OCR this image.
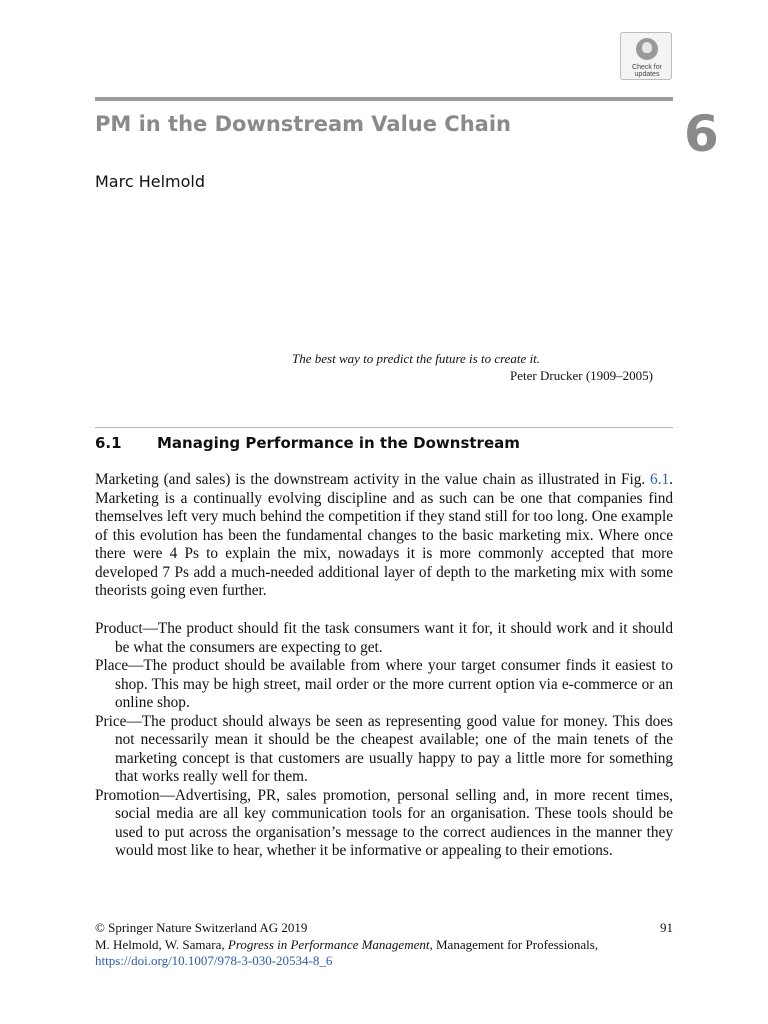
Check for
updates
PM in the Downstream Value Chain	6
Marc Helmold
The best way to predict the future is to create it.
Peter Drucker (1909–2005)
6.1 Managing Performance in the Downstream
Marketing (and sales) is the downstream activity in the value chain as illustrated in Fig. 6.1. Marketing is a continually evolving discipline and as such can be one that companies find themselves left very much behind the competition if they stand still for too long. One example of this evolution has been the fundamental changes to the basic marketing mix. Where once there were 4 Ps to explain the mix, nowadays it is more commonly accepted that more developed 7 Ps add a much-needed additional layer of depth to the marketing mix with some theorists going even further.

Product—The product should fit the task consumers want it for, it should work and it should be what the consumers are expecting to get.

Place—The product should be available from where your target consumer finds it easiest to shop. This may be high street, mail order or the more current option via e-commerce or an online shop.

Price—The product should always be seen as representing good value for money. This does not necessarily mean it should be the cheapest available; one of the main tenets of the marketing concept is that customers are usually happy to pay a little more for something that works really well for them.

Promotion—Advertising, PR, sales promotion, personal selling and, in more recent times, social media are all key communication tools for an organisation. These tools should be used to put across the organisation’s message to the correct audiences in the manner they would most like to hear, whether it be informative or appealing to their emotions.

© Springer Nature Switzerland AG 2019
M. Helmold, W. Samara, Progress in Performance Management, Management for Professionals, https://doi.org/10.1007/978-3-030-20534-8_6
91
